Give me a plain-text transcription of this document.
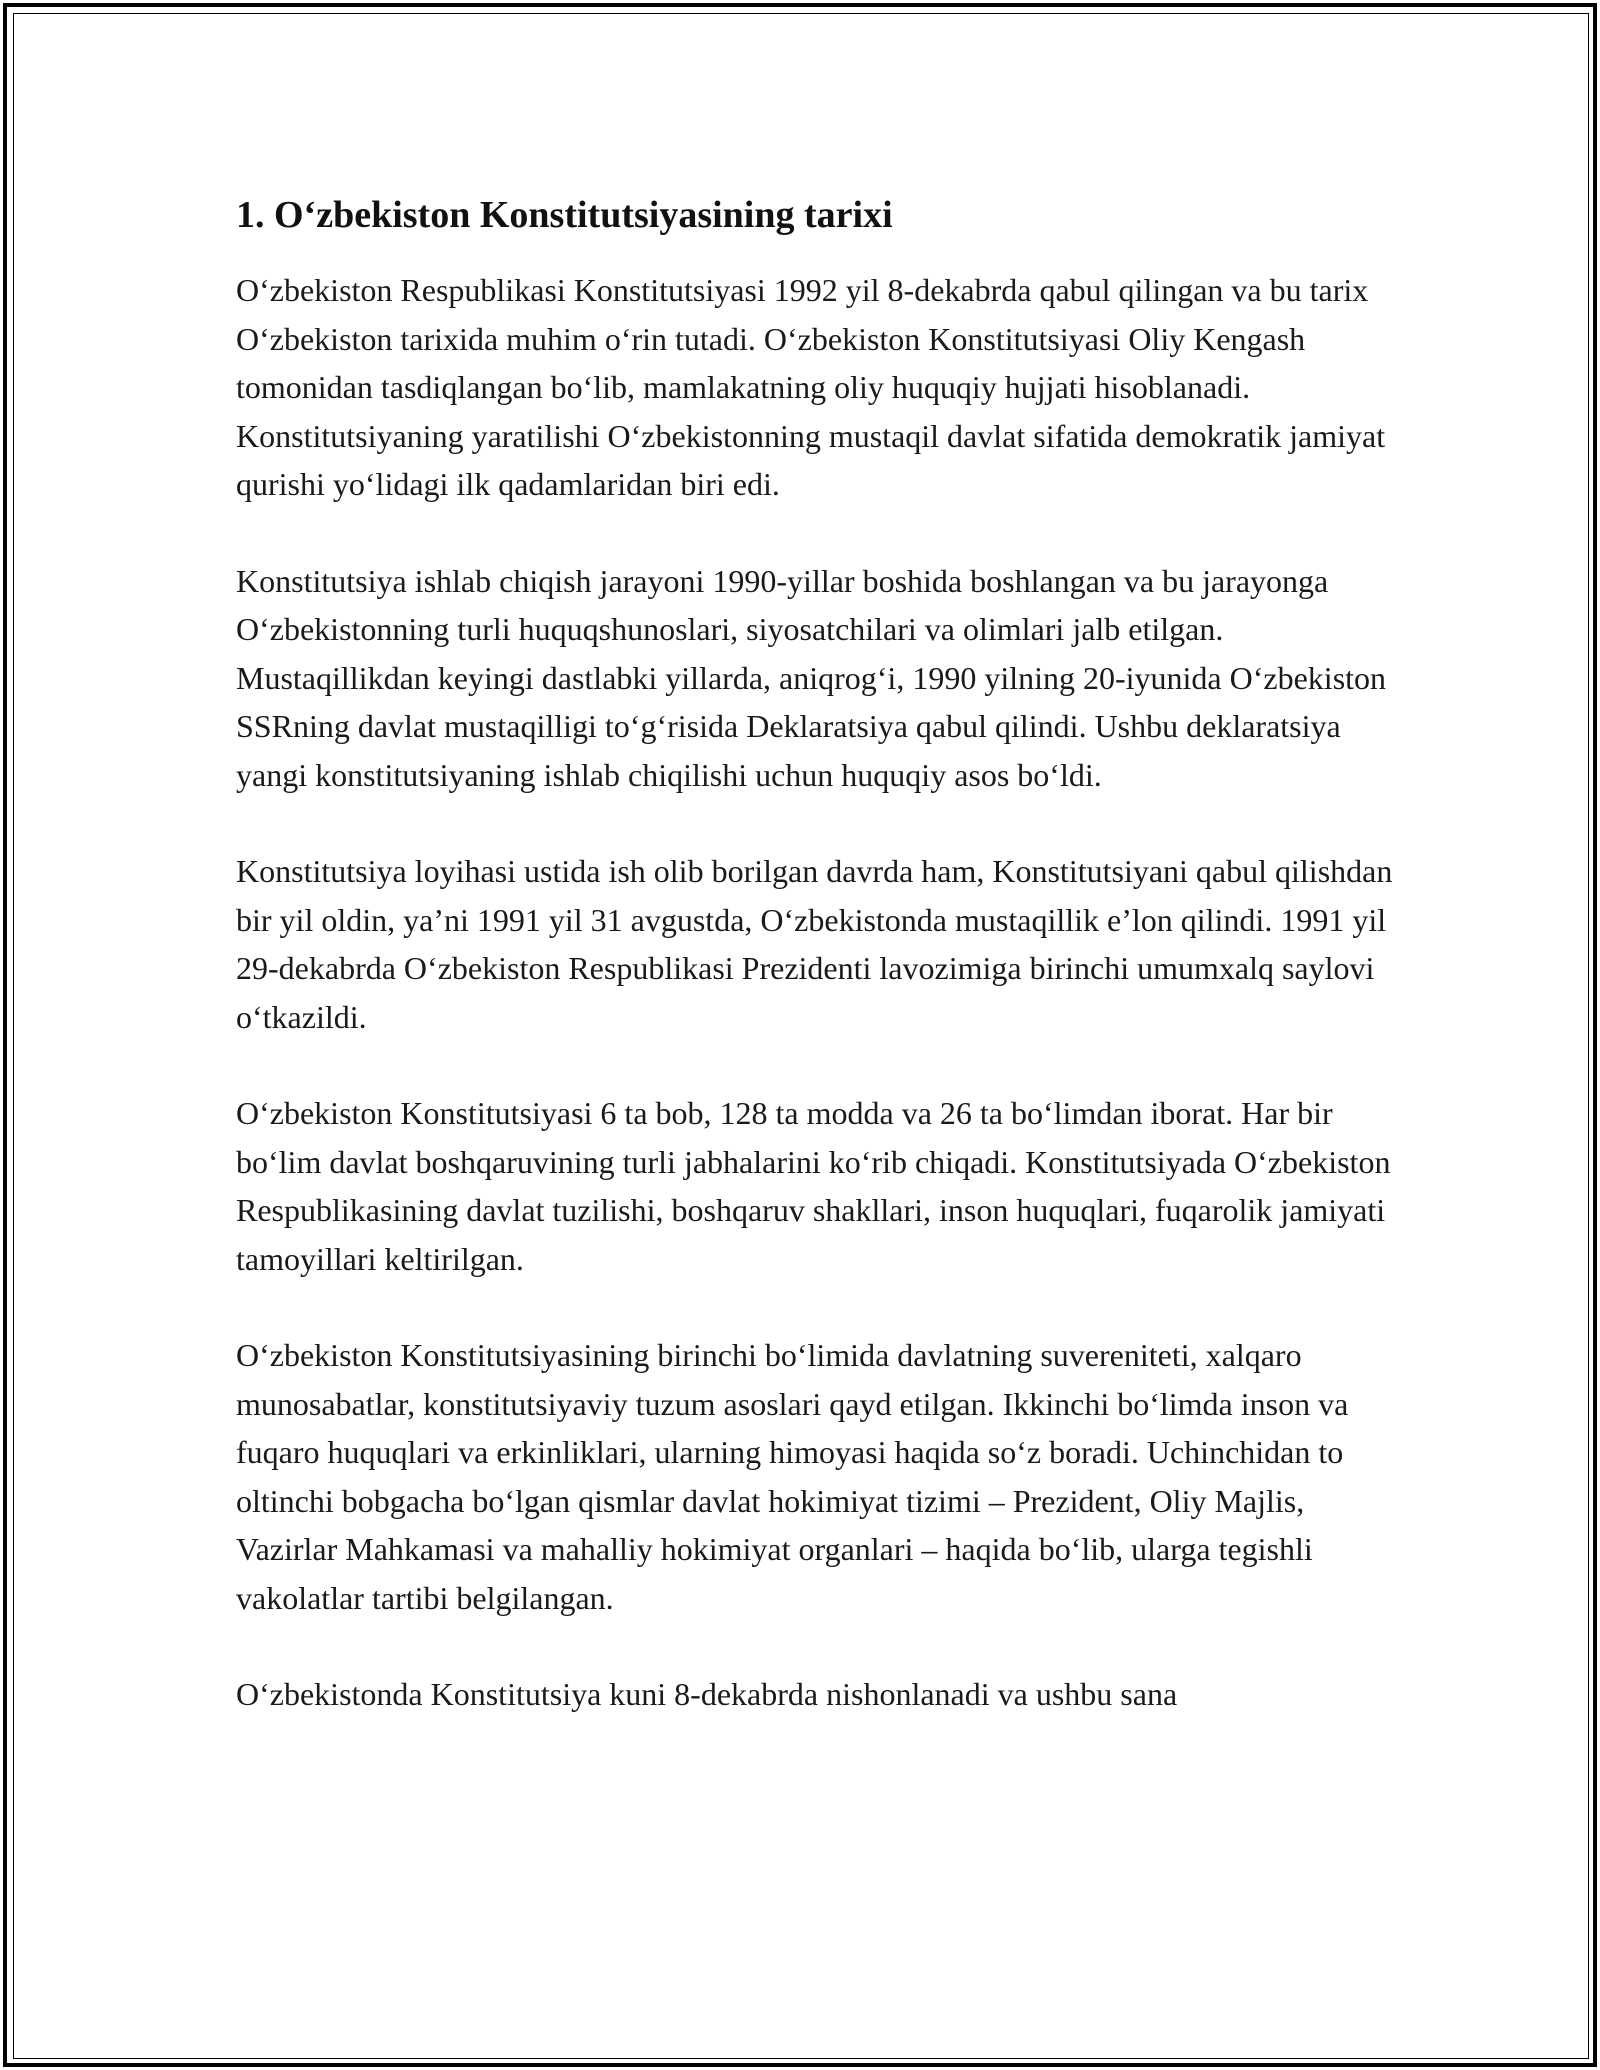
1. O‘zbekiston Konstitutsiyasining tarixi

O‘zbekiston Respublikasi Konstitutsiyasi 1992 yil 8-dekabrda qabul qilingan va bu tarix O‘zbekiston tarixida muhim o‘rin tutadi. O‘zbekiston Konstitutsiyasi Oliy Kengash tomonidan tasdiqlangan bo‘lib, mamlakatning oliy huquqiy hujjati hisoblanadi. Konstitutsiyaning yaratilishi O‘zbekistonning mustaqil davlat sifatida demokratik jamiyat qurishi yo‘lidagi ilk qadamlaridan biri edi.

Konstitutsiya ishlab chiqish jarayoni 1990-yillar boshida boshlangan va bu jarayonga O‘zbekistonning turli huquqshunoslari, siyosatchilari va olimlari jalb etilgan. Mustaqillikdan keyingi dastlabki yillarda, aniqrog‘i, 1990 yilning 20-iyunida O‘zbekiston SSRning davlat mustaqilligi to‘g‘risida Deklaratsiya qabul qilindi. Ushbu deklaratsiya yangi konstitutsiyaning ishlab chiqilishi uchun huquqiy asos bo‘ldi.

Konstitutsiya loyihasi ustida ish olib borilgan davrda ham, Konstitutsiyani qabul qilishdan bir yil oldin, ya’ni 1991 yil 31 avgustda, O‘zbekistonda mustaqillik e’lon qilindi. 1991 yil 29-dekabrda O‘zbekiston Respublikasi Prezidenti lavozimiga birinchi umumxalq saylovi o‘tkazildi.

O‘zbekiston Konstitutsiyasi 6 ta bob, 128 ta modda va 26 ta bo‘limdan iborat. Har bir bo‘lim davlat boshqaruvining turli jabhalarini ko‘rib chiqadi. Konstitutsiyada O‘zbekiston Respublikasining davlat tuzilishi, boshqaruv shakllari, inson huquqlari, fuqarolik jamiyati tamoyillari keltirilgan.

O‘zbekiston Konstitutsiyasining birinchi bo‘limida davlatning suvereniteti, xalqaro munosabatlar, konstitutsiyaviy tuzum asoslari qayd etilgan. Ikkinchi bo‘limda inson va fuqaro huquqlari va erkinliklari, ularning himoyasi haqida so‘z boradi. Uchinchidan to oltinchi bobgacha bo‘lgan qismlar davlat hokimiyat tizimi – Prezident, Oliy Majlis, Vazirlar Mahkamasi va mahalliy hokimiyat organlari – haqida bo‘lib, ularga tegishli vakolatlar tartibi belgilangan.

O‘zbekistonda Konstitutsiya kuni 8-dekabrda nishonlanadi va ushbu sana
